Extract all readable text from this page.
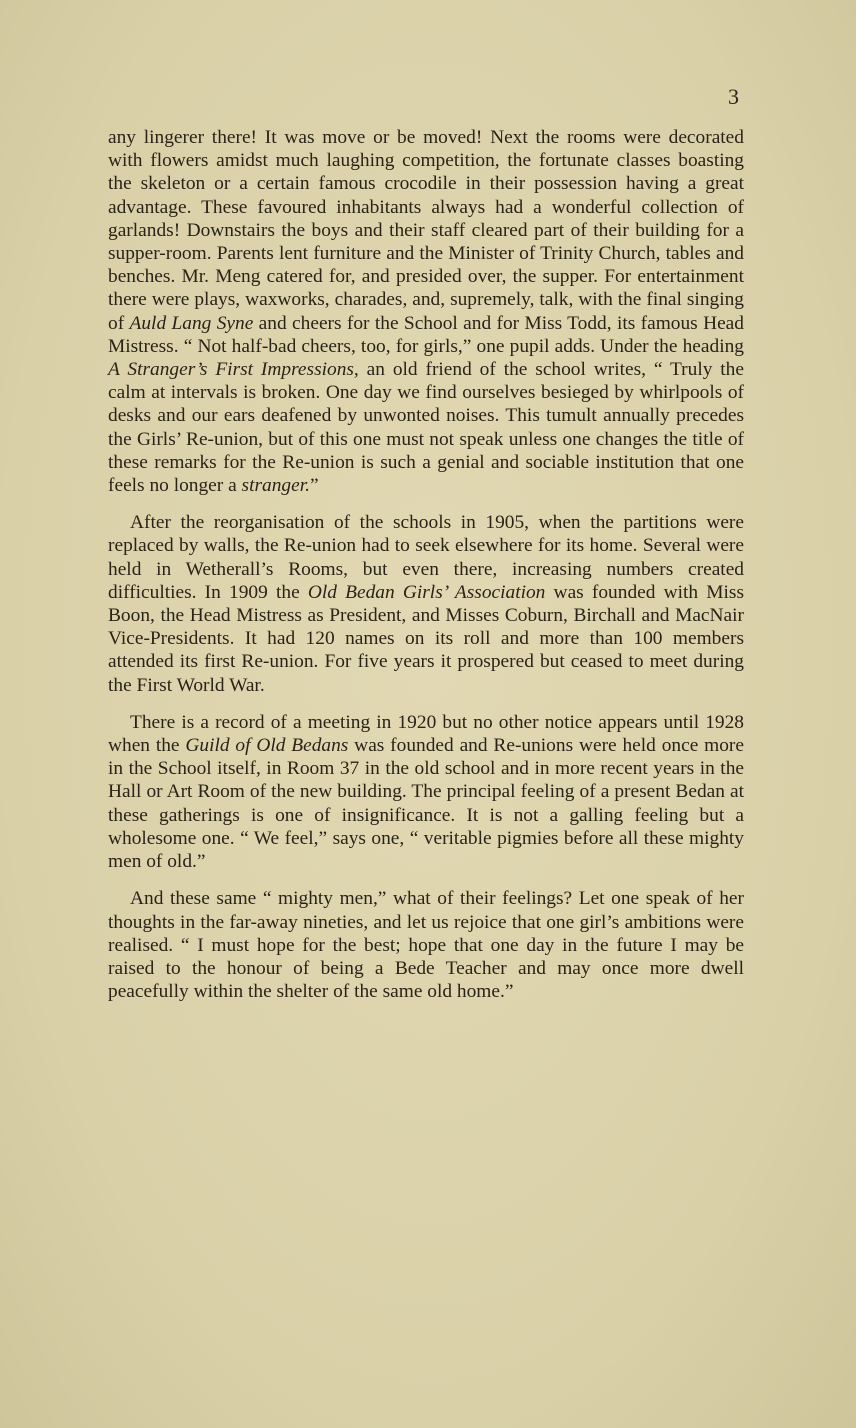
3

any lingerer there! It was move or be moved! Next the rooms were decorated with flowers amidst much laughing competition, the fortunate classes boasting the skeleton or a certain famous crocodile in their possession having a great advantage. These favoured inhabitants always had a wonderful collection of garlands! Downstairs the boys and their staff cleared part of their building for a supper-room. Parents lent furniture and the Minister of Trinity Church, tables and benches. Mr. Meng catered for, and presided over, the supper. For entertainment there were plays, waxworks, charades, and, supremely, talk, with the final singing of Auld Lang Syne and cheers for the School and for Miss Todd, its famous Head Mistress. “ Not half-bad cheers, too, for girls,” one pupil adds. Under the heading A Stranger’s First Impressions, an old friend of the school writes, “ Truly the calm at intervals is broken. One day we find ourselves besieged by whirlpools of desks and our ears deafened by unwonted noises. This tumult annually precedes the Girls’ Re-union, but of this one must not speak unless one changes the title of these remarks for the Re-union is such a genial and sociable institution that one feels no longer a stranger.”

After the reorganisation of the schools in 1905, when the partitions were replaced by walls, the Re-union had to seek elsewhere for its home. Several were held in Wetherall’s Rooms, but even there, increasing numbers created difficulties. In 1909 the Old Bedan Girls’ Association was founded with Miss Boon, the Head Mistress as President, and Misses Coburn, Birchall and MacNair Vice-Presidents. It had 120 names on its roll and more than 100 members attended its first Re-union. For five years it prospered but ceased to meet during the First World War.

There is a record of a meeting in 1920 but no other notice appears until 1928 when the Guild of Old Bedans was founded and Re-unions were held once more in the School itself, in Room 37 in the old school and in more recent years in the Hall or Art Room of the new building. The principal feeling of a present Bedan at these gatherings is one of insignificance. It is not a galling feeling but a wholesome one. “ We feel,” says one, “ veritable pigmies before all these mighty men of old.”

And these same “ mighty men,” what of their feelings? Let one speak of her thoughts in the far-away nineties, and let us rejoice that one girl’s ambitions were realised. “ I must hope for the best; hope that one day in the future I may be raised to the honour of being a Bede Teacher and may once more dwell peacefully within the shelter of the same old home.”
